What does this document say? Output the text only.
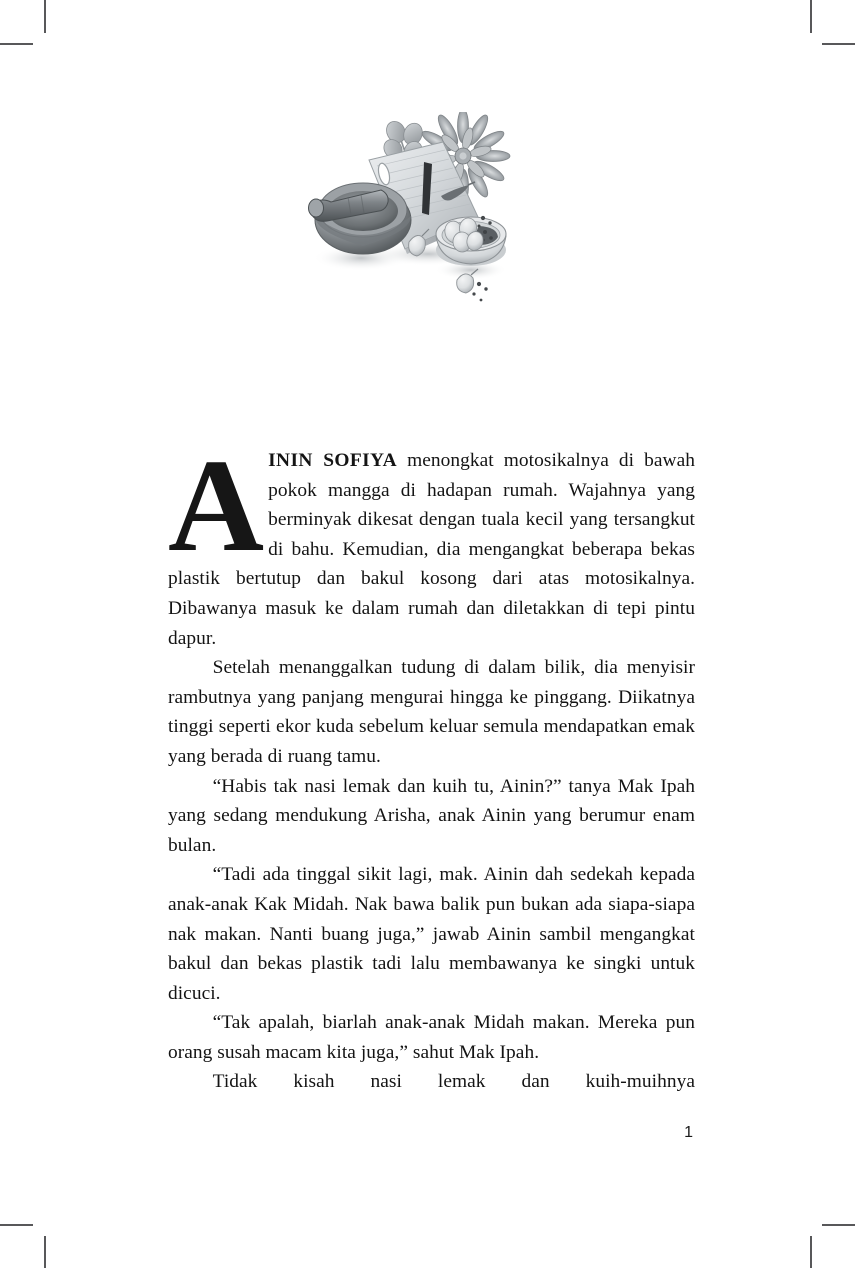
AININ SOFIYA menongkat motosikalnya di bawah pokok mangga di hadapan rumah. Wajahnya yang berminyak dikesat dengan tuala kecil yang tersangkut di bahu. Kemudian, dia mengangkat beberapa bekas plastik bertutup dan bakul kosong dari atas motosikalnya. Dibawanya masuk ke dalam rumah dan diletakkan di tepi pintu dapur.

Setelah menanggalkan tudung di dalam bilik, dia menyisir rambutnya yang panjang mengurai hingga ke pinggang. Diikatnya tinggi seperti ekor kuda sebelum keluar semula mendapatkan emak yang berada di ruang tamu.

“Habis tak nasi lemak dan kuih tu, Ainin?” tanya Mak Ipah yang sedang mendukung Arisha, anak Ainin yang berumur enam bulan.

“Tadi ada tinggal sikit lagi, mak. Ainin dah sedekah kepada anak-anak Kak Midah. Nak bawa balik pun bukan ada siapa-siapa nak makan. Nanti buang juga,” jawab Ainin sambil mengangkat bakul dan bekas plastik tadi lalu membawanya ke singki untuk dicuci.

“Tak apalah, biarlah anak-anak Midah makan. Mereka pun orang susah macam kita juga,” sahut Mak Ipah.

Tidak kisah nasi lemak dan kuih-muihnya

1
